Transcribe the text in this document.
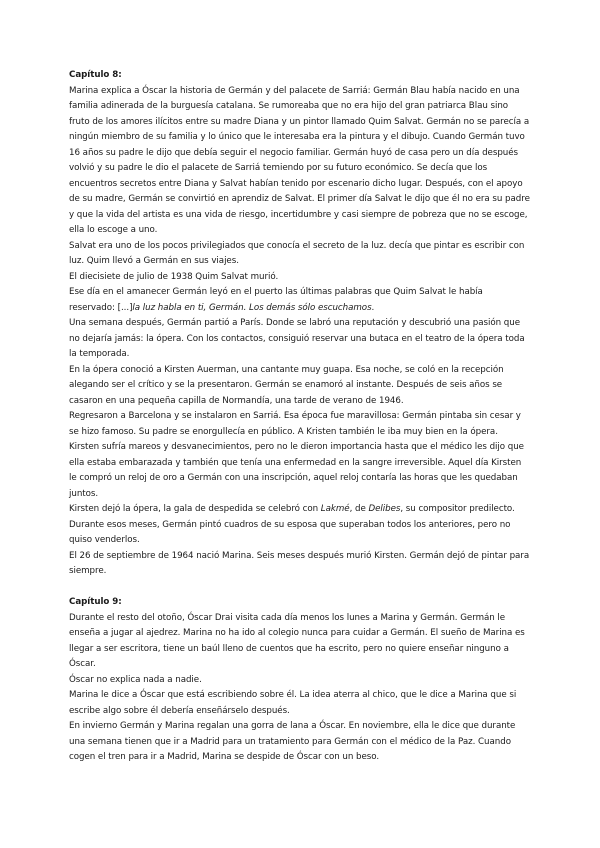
Capítulo 8:

Marina explica a Óscar la historia de Germán y del palacete de Sarriá: Germán Blau había nacido en una familia adinerada de la burguesía catalana. Se rumoreaba que no era hijo del gran patriarca Blau sino fruto de los amores ilícitos entre su madre Diana y un pintor llamado Quim Salvat. Germán no se parecía a ningún miembro de su familia y lo único que le interesaba era la pintura y el dibujo. Cuando Germán tuvo 16 años su padre le dijo que debía seguir el negocio familiar. Germán huyó de casa pero un día después volvió y su padre le dio el palacete de Sarriá temiendo por su futuro económico. Se decía que los encuentros secretos entre Diana y Salvat habían tenido por escenario dicho lugar. Después, con el apoyo de su madre, Germán se convirtió en aprendiz de Salvat. El primer día Salvat le dijo que él no era su padre y que la vida del artista es una vida de riesgo, incertidumbre y casi siempre de pobreza que no se escoge, ella lo escoge a uno.

Salvat era uno de los pocos privilegiados que conocía el secreto de la luz. decía que pintar es escribir con luz. Quim llevó a Germán en sus viajes.

El diecisiete de julio de 1938 Quim Salvat murió.

Ese día en el amanecer Germán leyó en el puerto las últimas palabras que Quim Salvat le había reservado: [...]la luz habla en ti, Germán. Los demás sólo escuchamos.

Una semana después, Germán partió a París. Donde se labró una reputación y descubrió una pasión que no dejaría jamás: la ópera. Con los contactos, consiguió reservar una butaca en el teatro de la ópera toda la temporada.

En la ópera conoció a Kirsten Auerman, una cantante muy guapa. Esa noche, se coló en la recepción alegando ser el crítico y se la presentaron. Germán se enamoró al instante. Después de seis años se casaron en una pequeña capilla de Normandía, una tarde de verano de 1946.

Regresaron a Barcelona y se instalaron en Sarriá. Esa época fue maravillosa: Germán pintaba sin cesar y se hizo famoso. Su padre se enorgullecía en público. A Kristen también le iba muy bien en la ópera.

Kirsten sufría mareos y desvanecimientos, pero no le dieron importancia hasta que el médico les dijo que ella estaba embarazada y también que tenía una enfermedad en la sangre irreversible. Aquel día Kirsten le compró un reloj de oro a Germán con una inscripción, aquel reloj contaría las horas que les quedaban juntos.

Kirsten dejó la ópera, la gala de despedida se celebró con Lakmé, de Delibes, su compositor predilecto. Durante esos meses, Germán pintó cuadros de su esposa que superaban todos los anteriores, pero no quiso venderlos.

El 26 de septiembre de 1964 nació Marina. Seis meses después murió Kirsten. Germán dejó de pintar para siempre.

Capítulo 9:

Durante el resto del otoño, Óscar Drai visita cada día menos los lunes a Marina y Germán. Germán le enseña a jugar al ajedrez. Marina no ha ido al colegio nunca para cuidar a Germán. El sueño de Marina es llegar a ser escritora, tiene un baúl lleno de cuentos que ha escrito, pero no quiere enseñar ninguno a Óscar.

Óscar no explica nada a nadie.

Marina le dice a Óscar que está escribiendo sobre él. La idea aterra al chico, que le dice a Marina que si escribe algo sobre él debería enseñárselo después.

En invierno Germán y Marina regalan una gorra de lana a Óscar. En noviembre, ella le dice que durante una semana tienen que ir a Madrid para un tratamiento para Germán con el médico de la Paz. Cuando cogen el tren para ir a Madrid, Marina se despide de Óscar con un beso.
